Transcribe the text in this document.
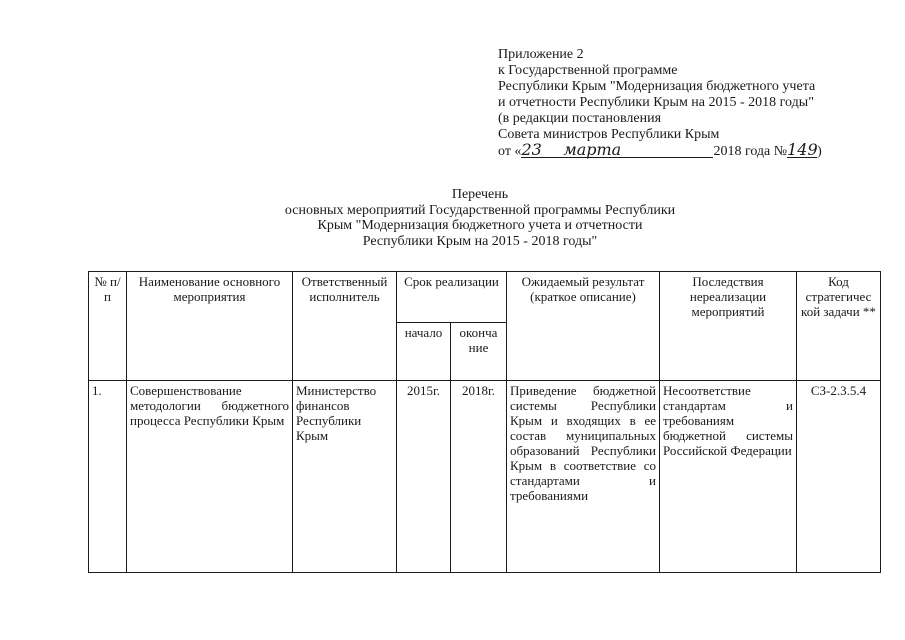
Приложение 2
к Государственной программе
Республики Крым "Модернизация бюджетного учета
и отчетности Республики Крым на 2015 - 2018 годы"
(в редакции постановления
Совета министров Республики Крым
от «23 марта	2018 года №149)
Перечень
основных мероприятий Государственной программы Республики
Крым "Модернизация бюджетного учета и отчетности
Республики Крым на 2015 - 2018 годы"
№ п/п	Наименование основного мероприятия	Ответственный исполнитель	Срок реализации		Ожидаемый результат (краткое описание)	Последствия нереализации мероприятий	Код стратегичес кой задачи **
			начало	оконча ние			
1.	Совершенствование методологии бюджетного процесса Республики Крым	Министерство финансов Республики Крым	2015г.	2018г.	Приведение бюджетной системы Республики Крым и входящих в ее состав муниципальных образований Республики Крым в соответствие со стандартами и требованиями	Несоответствие стандартам и требованиям бюджетной системы Российской Федерации	СЗ-2.3.5.4
